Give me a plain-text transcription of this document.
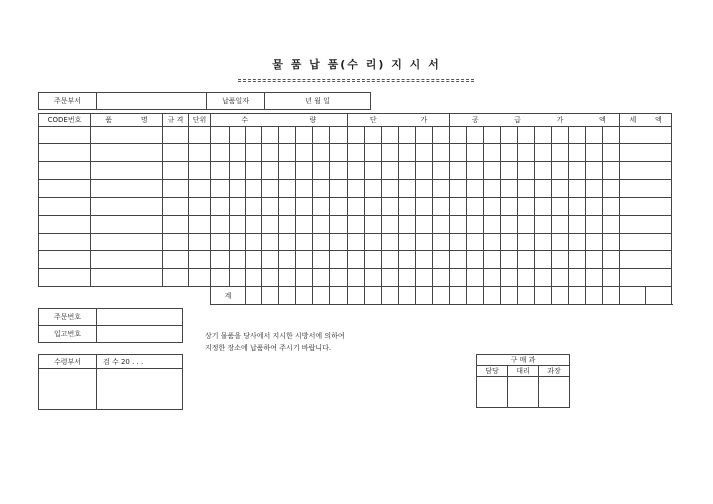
물 품 납 품(수 리) 지 시 서
주문부서		납품일자	년 월 일
CODE번호	품	명	규 격	단위	수				량				단			가			공			급		가			액		세	액

					계																									
주문번호	
입고번호	
수령부서	검 수 20 . . .

상기 물품을 당사에서 지시한 시방서에 의하여
지정한 장소에 납품하여 주시기 바랍니다.
구 매 과		
담당	대리	과장
